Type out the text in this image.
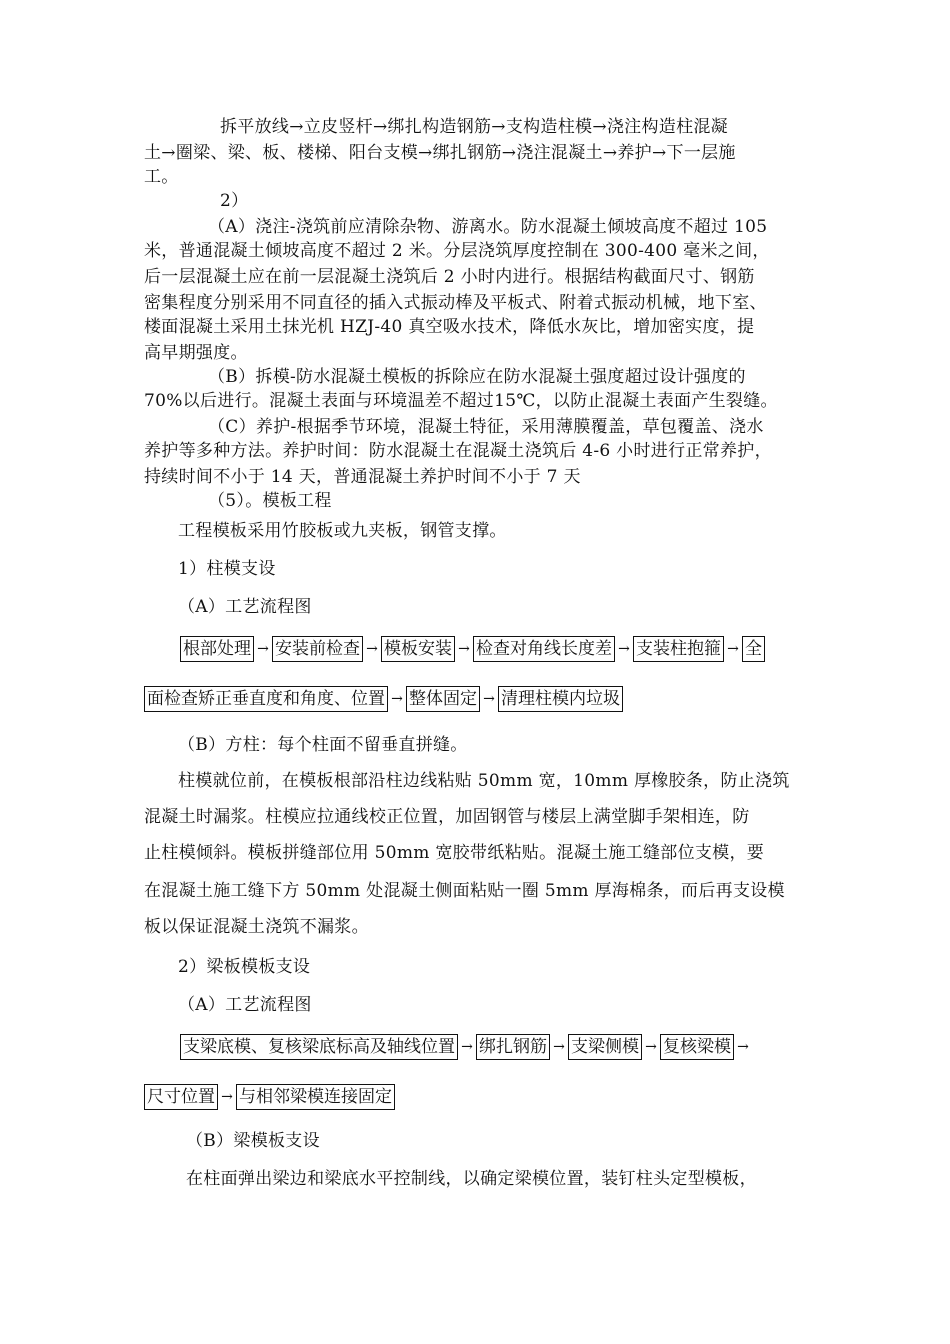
拆平放线→立皮竖杆→绑扎构造钢筋→支构造柱模→浇注构造柱混凝
土→圈梁、梁、板、楼梯、阳台支模→绑扎钢筋→浇注混凝土→养护→下一层施
工。
2）
（A）浇注-浇筑前应清除杂物、游离水。防水混凝土倾坡高度不超过 105
米，普通混凝土倾坡高度不超过 2 米。分层浇筑厚度控制在 300-400 毫米之间，
后一层混凝土应在前一层混凝土浇筑后 2 小时内进行。根据结构截面尺寸、钢筋
密集程度分别采用不同直径的插入式振动棒及平板式、附着式振动机械，地下室、
楼面混凝土采用土抹光机 HZJ-40 真空吸水技术，降低水灰比，增加密实度，提
高早期强度。
（B）拆模-防水混凝土模板的拆除应在防水混凝土强度超过设计强度的
70%以后进行。混凝土表面与环境温差不超过15℃，以防止混凝土表面产生裂缝。
（C）养护-根据季节环境，混凝土特征，采用薄膜覆盖，草包覆盖、浇水
养护等多种方法。养护时间：防水混凝土在混凝土浇筑后 4-6 小时进行正常养护，
持续时间不小于 14 天，普通混凝土养护时间不小于 7 天
（5）。模板工程
工程模板采用竹胶板或九夹板，钢管支撑。
1）柱模支设
（A）工艺流程图
根部处理 → 安装前检查 → 模板安装 → 检查对角线长度差 → 支装柱抱箍 → 全
面检查矫正垂直度和角度、位置 → 整体固定 → 清理柱模内垃圾
（B）方柱：每个柱面不留垂直拼缝。
柱模就位前，在模板根部沿柱边线粘贴 50mm 宽，10mm 厚橡胶条，防止浇筑
混凝土时漏浆。柱模应拉通线校正位置，加固钢管与楼层上满堂脚手架相连，防
止柱模倾斜。模板拼缝部位用 50mm 宽胶带纸粘贴。混凝土施工缝部位支模，要
在混凝土施工缝下方 50mm 处混凝土侧面粘贴一圈 5mm 厚海棉条，而后再支设模
板以保证混凝土浇筑不漏浆。
2）梁板模板支设
（A）工艺流程图
支梁底模、复核梁底标高及轴线位置 → 绑扎钢筋 → 支梁侧模 → 复核梁模 →
尺寸位置 → 与相邻梁模连接固定
（B）梁模板支设
在柱面弹出梁边和梁底水平控制线，以确定梁模位置，装钉柱头定型模板，
